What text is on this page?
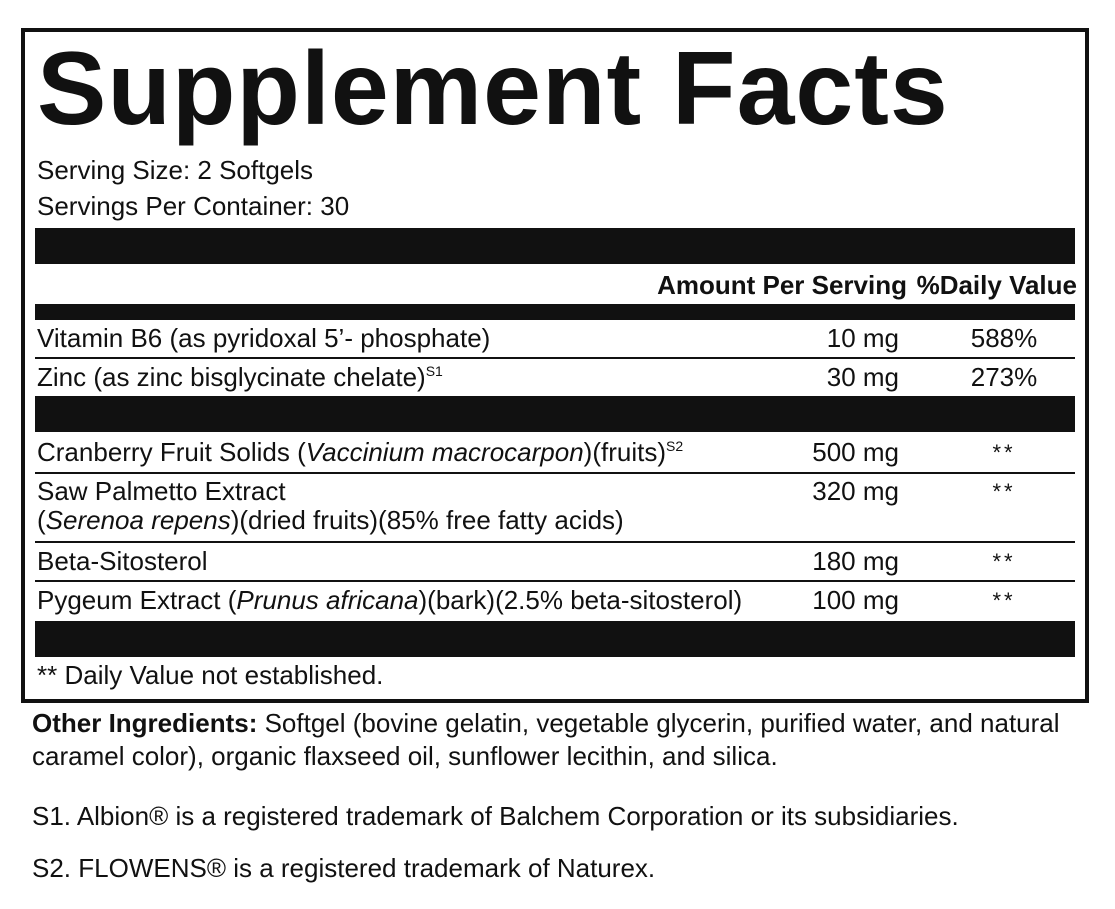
Supplement Facts
Serving Size: 2 Softgels
Servings Per Container: 30
Amount Per Serving %Daily Value
Vitamin B6 (as pyridoxal 5’- phosphate)	10 mg	588%
Zinc (as zinc bisglycinate chelate)$^{S1}$	30 mg	273%
Cranberry Fruit Solids (Vaccinium macrocarpon)(fruits)$^{S2}$	500 mg	**
Saw Palmetto Extract
(Serenoa repens)(dried fruits)(85% free fatty acids)
320 mg	**
Beta-Sitosterol	180 mg	**
Pygeum Extract (Prunus africana)(bark)(2.5% beta-sitosterol)	100 mg	**
** Daily Value not established.
Other Ingredients: Softgel (bovine gelatin, vegetable glycerin, purified water, and natural caramel color), organic flaxseed oil, sunflower lecithin, and silica.
S1. Albion® is a registered trademark of Balchem Corporation or its subsidiaries.
S2. FLOWENS® is a registered trademark of Naturex.
